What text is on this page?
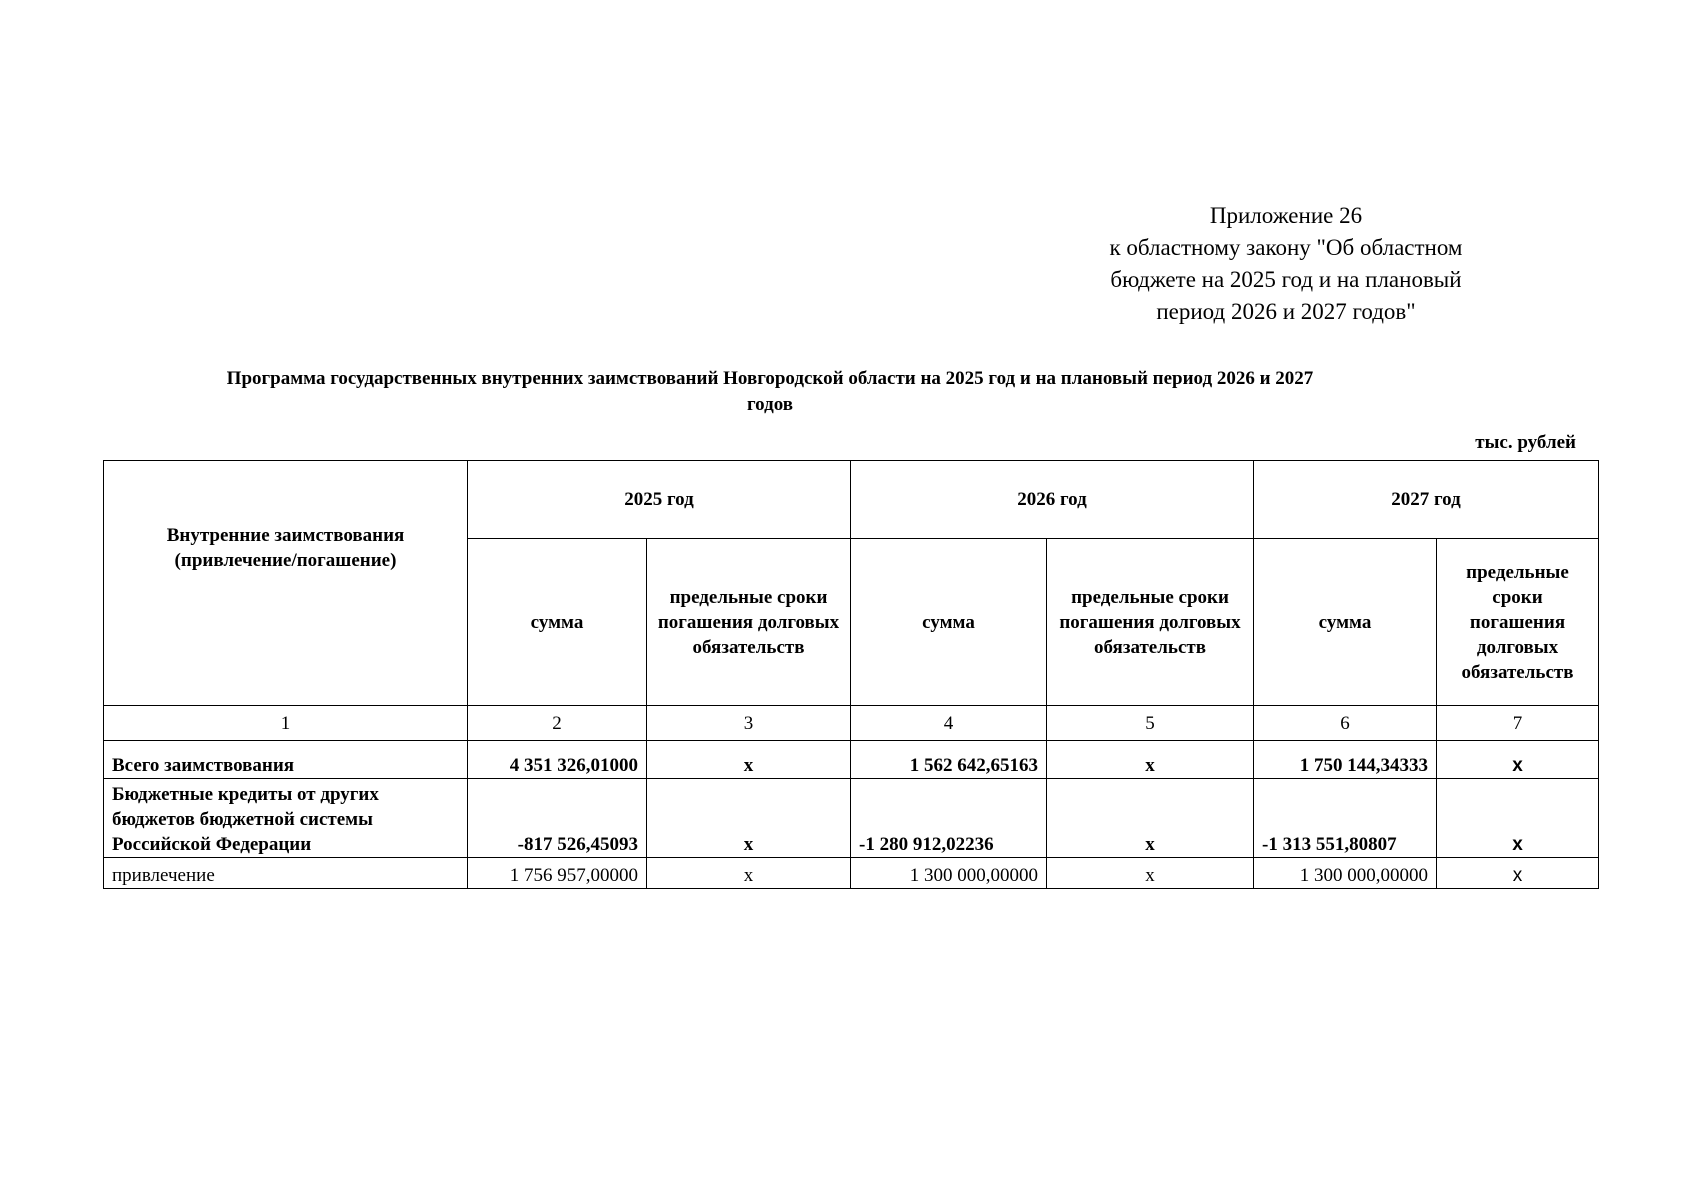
Приложение 26
к областному закону "Об областном
бюджете на 2025 год и на плановый
период 2026 и 2027 годов"
Программа государственных внутренних заимствований Новгородской области на 2025 год и на плановый период 2026 и 2027
годов
тыс. рублей
Внутренние заимствования (привлечение/погашение)	2025 год		2026 год		2027 год	
	сумма	предельные сроки погашения долговых обязательств	сумма	предельные сроки погашения долговых обязательств	сумма	предельные сроки погашения долговых обязательств
1	2	3	4	5	6	7
Всего заимствования	4 351 326,01000	х	1 562 642,65163	х	1 750 144,34333	x
Бюджетные кредиты от других бюджетов бюджетной системы Российской Федерации	-817 526,45093	х	-1 280 912,02236	х	-1 313 551,80807	x
привлечение	1 756 957,00000	х	1 300 000,00000	х	1 300 000,00000	x
